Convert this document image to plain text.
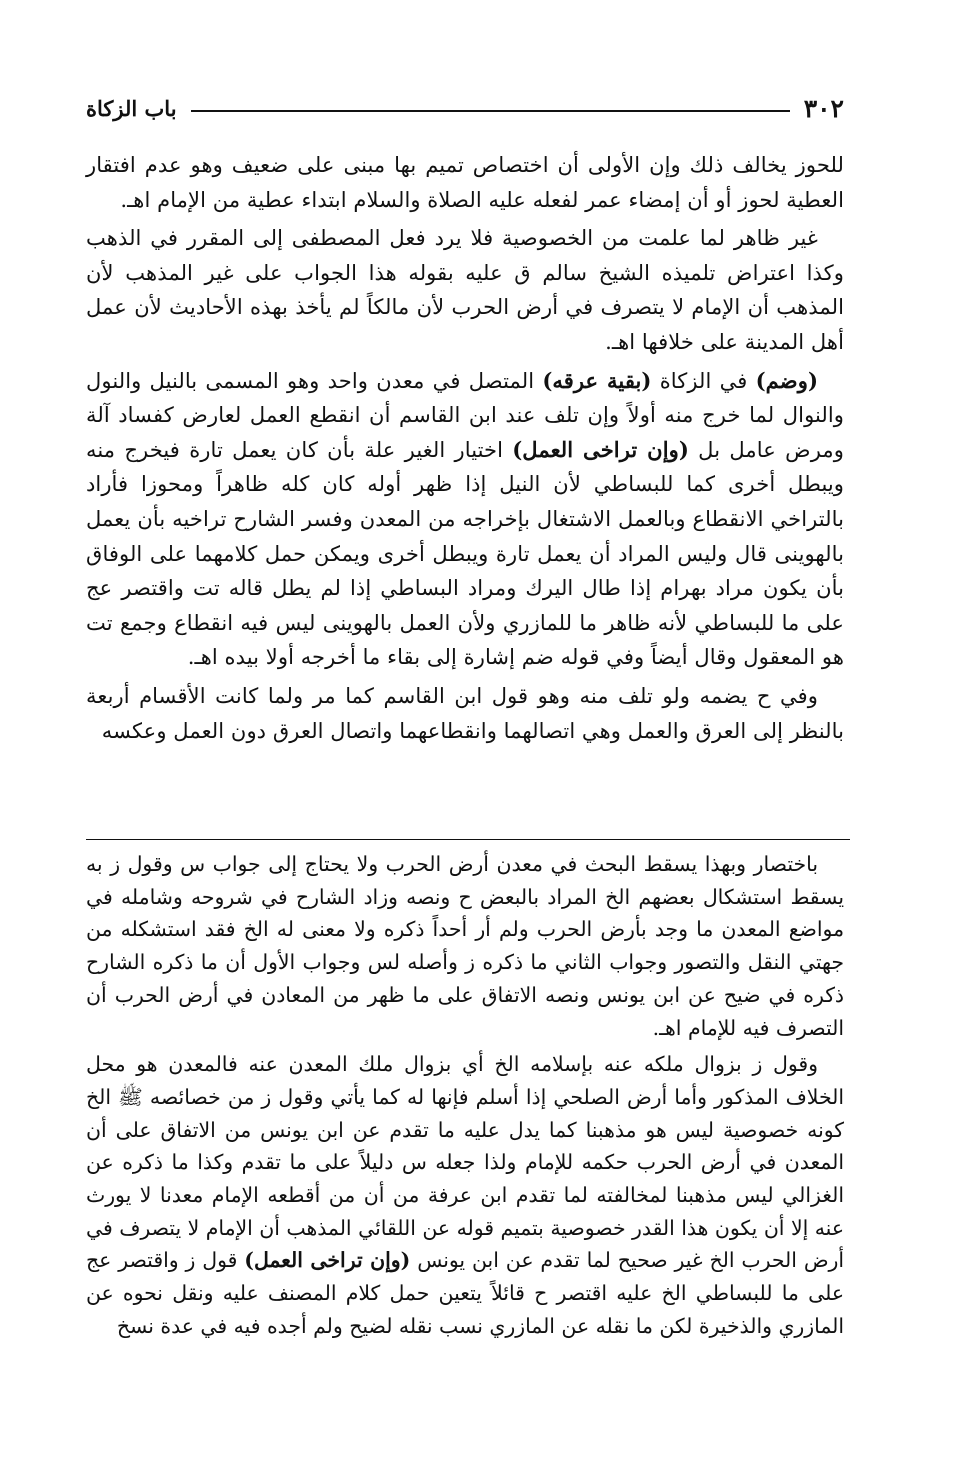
٣٠٢
باب الزكاة

للحوز يخالف ذلك وإن الأولى أن اختصاص تميم بها مبنى على ضعيف وهو عدم افتقار العطية لحوز أو أن إمضاء عمر لفعله عليه الصلاة والسلام ابتداء عطية من الإمام اهـ.

غير ظاهر لما علمت من الخصوصية فلا يرد فعل المصطفى إلى المقرر في الذهب وكذا اعتراض تلميذه الشيخ سالم ق عليه بقوله هذا الجواب على غير المذهب لأن المذهب أن الإمام لا يتصرف في أرض الحرب لأن مالكاً لم يأخذ بهذه الأحاديث لأن عمل أهل المدينة على خلافها اهـ.

(وضم) في الزكاة (بقية عرقه) المتصل في معدن واحد وهو المسمى بالنيل والنول والنوال لما خرج منه أولاً وإن تلف عند ابن القاسم أن انقطع العمل لعارض كفساد آلة ومرض عامل بل (وإن تراخى العمل) اختيار الغير علة بأن كان يعمل تارة فيخرج منه ويبطل أخرى كما للبساطي لأن النيل إذا ظهر أوله كان كله ظاهراً ومحوزا فأراد بالتراخي الانقطاع وبالعمل الاشتغال بإخراجه من المعدن وفسر الشارح تراخيه بأن يعمل بالهوينى قال وليس المراد أن يعمل تارة ويبطل أخرى ويمكن حمل كلامهما على الوفاق بأن يكون مراد بهرام إذا طال اليرك ومراد البساطي إذا لم يطل قاله تت واقتصر عج على ما للبساطي لأنه ظاهر ما للمازري ولأن العمل بالهوينى ليس فيه انقطاع وجمع تت هو المعقول وقال أيضاً وفي قوله ضم إشارة إلى بقاء ما أخرجه أولا بيده اهـ.

وفي ح يضمه ولو تلف منه وهو قول ابن القاسم كما مر ولما كانت الأقسام أربعة بالنظر إلى العرق والعمل وهي اتصالهما وانقطاعهما واتصال العرق دون العمل وعكسه

باختصار وبهذا يسقط البحث في معدن أرض الحرب ولا يحتاج إلى جواب س وقول ز به يسقط استشكال بعضهم الخ المراد بالبعض ح ونصه وزاد الشارح في شروحه وشامله في مواضع المعدن ما وجد بأرض الحرب ولم أر أحداً ذكره ولا معنى له الخ فقد استشكله من جهتي النقل والتصور وجواب الثاني ما ذكره ز وأصله لس وجواب الأول أن ما ذكره الشارح ذكره في ضيح عن ابن يونس ونصه الاتفاق على ما ظهر من المعادن في أرض الحرب أن التصرف فيه للإمام اهـ.

وقول ز بزوال ملكه عنه بإسلامه الخ أي بزوال ملك المعدن عنه فالمعدن هو محل الخلاف المذكور وأما أرض الصلحي إذا أسلم فإنها له كما يأتي وقول ز من خصائصه ﷺ الخ كونه خصوصية ليس هو مذهبنا كما يدل عليه ما تقدم عن ابن يونس من الاتفاق على أن المعدن في أرض الحرب حكمه للإمام ولذا جعله س دليلاً على ما تقدم وكذا ما ذكره عن الغزالي ليس مذهبنا لمخالفته لما تقدم ابن عرفة من أن من أقطعه الإمام معدنا لا يورث عنه إلا أن يكون هذا القدر خصوصية بتميم قوله عن اللقائي المذهب أن الإمام لا يتصرف في أرض الحرب الخ غير صحيح لما تقدم عن ابن يونس (وإن تراخى العمل) قول ز واقتصر عج على ما للبساطي الخ عليه اقتصر ح قائلاً يتعين حمل كلام المصنف عليه ونقل نحوه عن المازري والذخيرة لكن ما نقله عن المازري نسب نقله لضيح ولم أجده فيه في عدة نسخ
